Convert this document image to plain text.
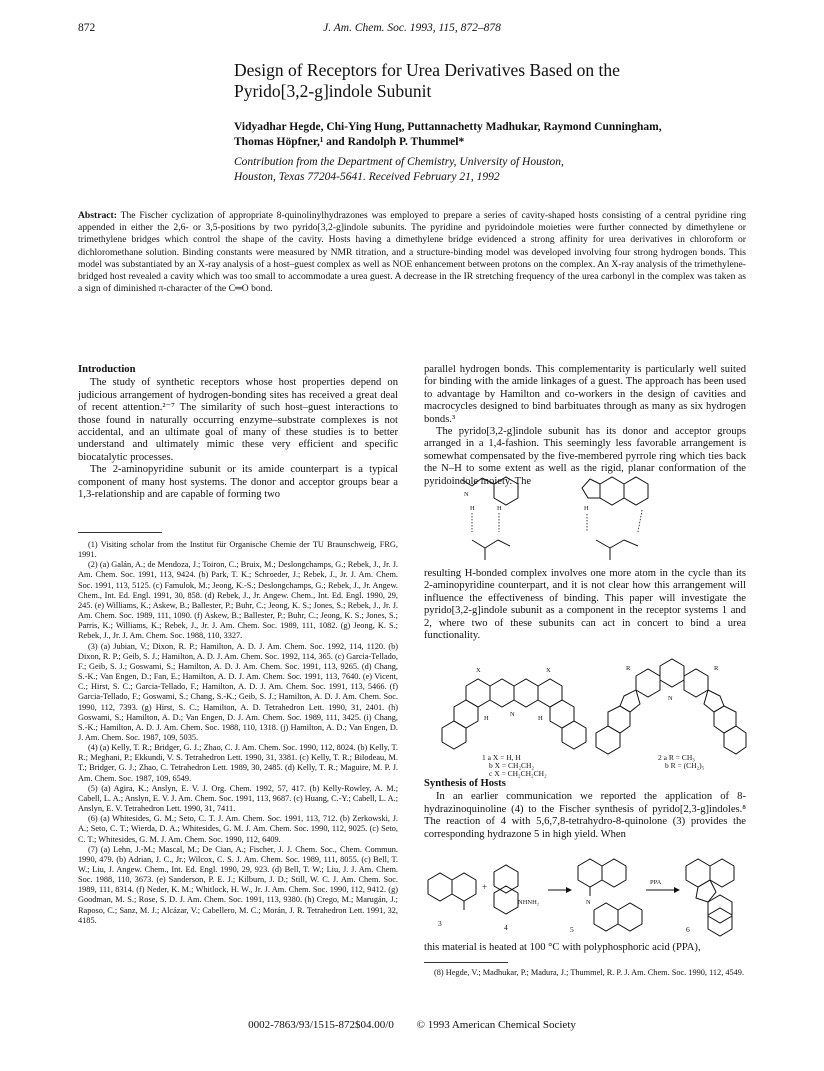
872	J. Am. Chem. Soc. 1993, 115, 872–878
Design of Receptors for Urea Derivatives Based on the
Pyrido[3,2-g]indole Subunit
Vidyadhar Hegde, Chi-Ying Hung, Puttannachetty Madhukar, Raymond Cunningham,
Thomas Höpfner,¹ and Randolph P. Thummel*
Contribution from the Department of Chemistry, University of Houston,
Houston, Texas 77204-5641. Received February 21, 1992
Abstract: The Fischer cyclization of appropriate 8-quinolinylhydrazones was employed to prepare a series of cavity-shaped hosts consisting of a central pyridine ring appended in either the 2,6- or 3,5-positions by two pyrido[3,2-g]indole subunits. The pyridine and pyridoindole moieties were further connected by dimethylene or trimethylene bridges which control the shape of the cavity. Hosts having a dimethylene bridge evidenced a strong affinity for urea derivatives in chloroform or dichloromethane solution. Binding constants were measured by NMR titration, and a structure-binding model was developed involving four strong hydrogen bonds. This model was substantiated by an X-ray analysis of a host–guest complex as well as NOE enhancement between protons on the complex. An X-ray analysis of the trimethylene-bridged host revealed a cavity which was too small to accommodate a urea guest. A decrease in the IR stretching frequency of the urea carbonyl in the complex was taken as a sign of diminished π-character of the C═O bond.
Introduction

The study of synthetic receptors whose host properties depend on judicious arrangement of hydrogen-bonding sites has received a great deal of recent attention.²⁻⁷ The similarity of such host–guest interactions to those found in naturally occurring enzyme–substrate complexes is not accidental, and an ultimate goal of many of these studies is to better understand and ultimately mimic these very efficient and specific biocatalytic processes.

The 2-aminopyridine subunit or its amide counterpart is a typical component of many host systems. The donor and acceptor groups bear a 1,3-relationship and are capable of forming two

(1) Visiting scholar from the Institut für Organische Chemie der TU Braunschweig, FRG, 1991.

(2) (a) Galán, A.; de Mendoza, J.; Toiron, C.; Bruix, M.; Deslongchamps, G.; Rebek, J., Jr. J. Am. Chem. Soc. 1991, 113, 9424. (b) Park, T. K.; Schroeder, J.; Rebek, J., Jr. J. Am. Chem. Soc. 1991, 113, 5125. (c) Famulok, M.; Jeong, K.-S.; Deslongchamps, G.; Rebek, J., Jr. Angew. Chem., Int. Ed. Engl. 1991, 30, 858. (d) Rebek, J., Jr. Angew. Chem., Int. Ed. Engl. 1990, 29, 245. (e) Williams, K.; Askew, B.; Ballester, P.; Buhr, C.; Jeong, K. S.; Jones, S.; Rebek, J., Jr. J. Am. Chem. Soc. 1989, 111, 1090. (f) Askew, B.; Ballester, P.; Buhr, C.; Jeong, K. S.; Jones, S.; Parris, K.; Williams, K.; Rebek, J., Jr. J. Am. Chem. Soc. 1989, 111, 1082. (g) Jeong, K. S.; Rebek, J., Jr. J. Am. Chem. Soc. 1988, 110, 3327.

(3) (a) Jubian, V.; Dixon, R. P.; Hamilton, A. D. J. Am. Chem. Soc. 1992, 114, 1120. (b) Dixon, R. P.; Geib, S. J.; Hamilton, A. D. J. Am. Chem. Soc. 1992, 114, 365. (c) Garcia-Tellado, F.; Geib, S. J.; Goswami, S.; Hamilton, A. D. J. Am. Chem. Soc. 1991, 113, 9265. (d) Chang, S.-K.; Van Engen, D.; Fan, E.; Hamilton, A. D. J. Am. Chem. Soc. 1991, 113, 7640. (e) Vicent, C.; Hirst, S. C.; Garcia-Tellado, F.; Hamilton, A. D. J. Am. Chem. Soc. 1991, 113, 5466. (f) Garcia-Tellado, F.; Goswami, S.; Chang, S.-K.; Geib, S. J.; Hamilton, A. D. J. Am. Chem. Soc. 1990, 112, 7393. (g) Hirst, S. C.; Hamilton, A. D. Tetrahedron Lett. 1990, 31, 2401. (h) Goswami, S.; Hamilton, A. D.; Van Engen, D. J. Am. Chem. Soc. 1989, 111, 3425. (i) Chang, S.-K.; Hamilton, A. D. J. Am. Chem. Soc. 1988, 110, 1318. (j) Hamilton, A. D.; Van Engen, D. J. Am. Chem. Soc. 1987, 109, 5035.

(4) (a) Kelly, T. R.; Bridger, G. J.; Zhao, C. J. Am. Chem. Soc. 1990, 112, 8024. (b) Kelly, T. R.; Meghani, P.; Ekkundi, V. S. Tetrahedron Lett. 1990, 31, 3381. (c) Kelly, T. R.; Bilodeau, M. T.; Bridger, G. J.; Zhao, C. Tetrahedron Lett. 1989, 30, 2485. (d) Kelly, T. R.; Maguire, M. P. J. Am. Chem. Soc. 1987, 109, 6549.

(5) (a) Agira, K.; Anslyn, E. V. J. Org. Chem. 1992, 57, 417. (b) Kelly-Rowley, A. M.; Cabell, L. A.; Anslyn, E. V. J. Am. Chem. Soc. 1991, 113, 9687. (c) Huang, C.-Y.; Cabell, L. A.; Anslyn, E. V. Tetrahedron Lett. 1990, 31, 7411.

(6) (a) Whitesides, G. M.; Seto, C. T. J. Am. Chem. Soc. 1991, 113, 712. (b) Zerkowski, J. A.; Seto, C. T.; Wierda, D. A.; Whitesides, G. M. J. Am. Chem. Soc. 1990, 112, 9025. (c) Seto, C. T.; Whitesides, G. M. J. Am. Chem. Soc. 1990, 112, 6409.

(7) (a) Lehn, J.-M.; Mascal, M.; De Cian, A.; Fischer, J. J. Chem. Soc., Chem. Commun. 1990, 479. (b) Adrian, J. C., Jr.; Wilcox, C. S. J. Am. Chem. Soc. 1989, 111, 8055. (c) Bell, T. W.; Liu, J. Angew. Chem., Int. Ed. Engl. 1990, 29, 923. (d) Bell, T. W.; Liu, J. J. Am. Chem. Soc. 1988, 110, 3673. (e) Sanderson, P. E. J.; Kilburn, J. D.; Still, W. C. J. Am. Chem. Soc. 1989, 111, 8314. (f) Neder, K. M.; Whitlock, H. W., Jr. J. Am. Chem. Soc. 1990, 112, 9412. (g) Goodman, M. S.; Rose, S. D. J. Am. Chem. Soc. 1991, 113, 9380. (h) Crego, M.; Marugán, J.; Raposo, C.; Sanz, M. J.; Alcázar, V.; Cabellero, M. C.; Morán, J. R. Tetrahedron Lett. 1991, 32, 4185.

parallel hydrogen bonds. This complementarity is particularly well suited for binding with the amide linkages of a guest. The approach has been used to advantage by Hamilton and co-workers in the design of cavities and macrocycles designed to bind barbituates through as many as six hydrogen bonds.³

The pyrido[3,2-g]indole subunit has its donor and acceptor groups arranged in a 1,4-fashion. This seemingly less favorable arrangement is somewhat compensated by the five-membered pyrrole ring which ties back the N–H to some extent as well as the rigid, planar conformation of the pyridoindole moiety. The

N
H	H	H

resulting H-bonded complex involves one more atom in the cycle than its 2-aminopyridine counterpart, and it is not clear how this arrangement will influence the effectiveness of binding. This paper will investigate the pyrido[3,2-g]indole subunit as a component in the receptor systems 1 and 2, where two of these subunits can act in concert to bind a urea functionality.

X	X
N
H	H
1 a X = H, H
b X = CH₂CH₂
c X = CH₂CH₂CH₂
R	R
N
2 a R = CH₃
b R = (CH₂)₅
Synthesis of Hosts

In an earlier communication we reported the application of 8-hydrazinoquinoline (4) to the Fischer synthesis of pyrido[2,3-g]indoles.⁸ The reaction of 4 with 5,6,7,8-tetrahydro-8-quinolone (3) provides the corresponding hydrazone 5 in high yield. When

3
+
NHNH₂
4
N
5
PPA
6

this material is heated at 100 °C with polyphosphoric acid (PPA),

(8) Hegde, V.; Madhukar, P.; Madura, J.; Thummel, R. P. J. Am. Chem. Soc. 1990, 112, 4549.

0002-7863/93/1515-872$04.00/0 © 1993 American Chemical Society
